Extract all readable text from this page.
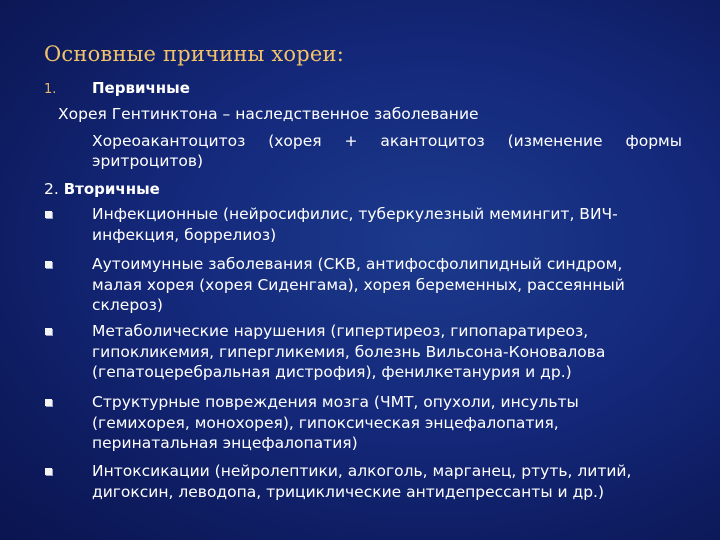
Основные причины хореи:
1. Первичные
Хорея Гентинктона – наследственное заболевание
Хореоакантоцитоз (хорея + акантоцитоз (изменение формы
эритроцитов)
2. Вторичные
Инфекционные (нейросифилис, туберкулезный мемингит, ВИЧ-
инфекция, боррелиоз)
Аутоимунные заболевания (СКВ, антифосфолипидный синдром,
малая хорея (хорея Сиденгама), хорея беременных, рассеянный
склероз)
Метаболические нарушения (гипертиреоз, гипопаратиреоз,
гипокликемия, гипергликемия, болезнь Вильсона-Коновалова
(гепатоцеребральная дистрофия), фенилкетанурия и др.)
Структурные повреждения мозга (ЧМТ, опухоли, инсульты
(гемихорея, монохорея), гипоксическая энцефалопатия,
перинатальная энцефалопатия)
Интоксикации (нейролептики, алкоголь, марганец, ртуть, литий,
дигоксин, леводопа, трициклические антидепрессанты и др.)
